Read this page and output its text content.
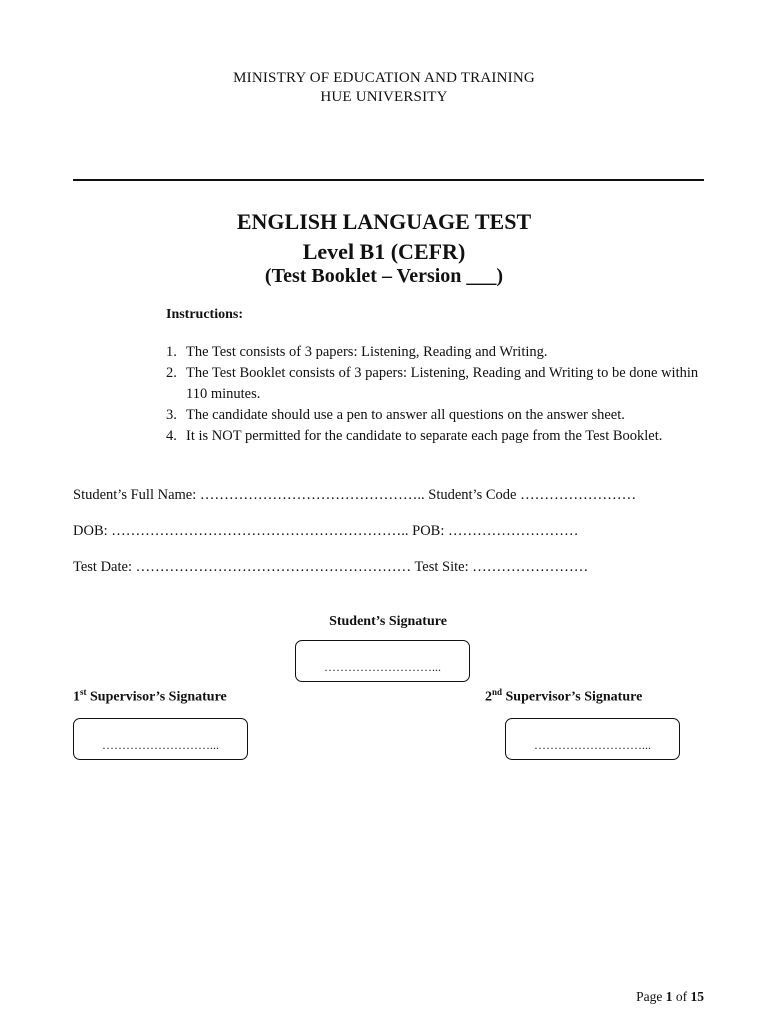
MINISTRY OF EDUCATION AND TRAINING
HUE UNIVERSITY
ENGLISH LANGUAGE TEST
Level B1 (CEFR)
(Test Booklet – Version ___)
Instructions:
1. The Test consists of 3 papers: Listening, Reading and Writing.
2. The Test Booklet consists of 3 papers: Listening, Reading and Writing to be done within 110 minutes.
3. The candidate should use a pen to answer all questions on the answer sheet.
4. It is NOT permitted for the candidate to separate each page from the Test Booklet.
Student’s Full Name: ……………………………………….. Student’s Code ……………………
DOB: …………………………………………………….. POB: ………………………
Test Date: ………………………………………………… Test Site: ……………………
Student’s Signature
………………………...
1st Supervisor’s Signature
………………………...
2nd Supervisor’s Signature
………………………...
Page 1 of 15
